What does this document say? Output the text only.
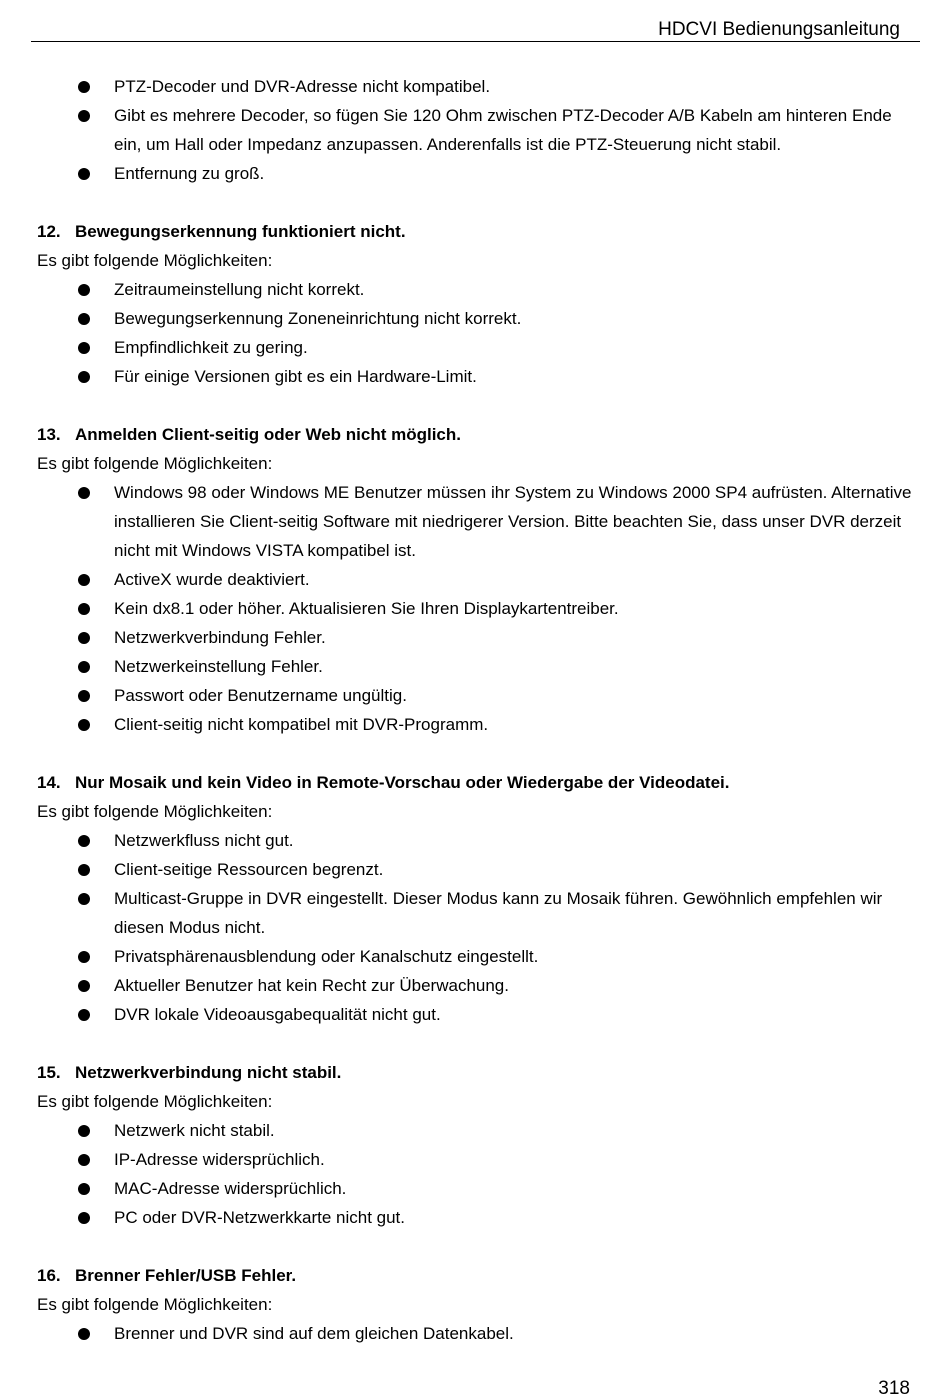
HDCVI Bedienungsanleitung
PTZ-Decoder und DVR-Adresse nicht kompatibel.
Gibt es mehrere Decoder, so fügen Sie 120 Ohm zwischen PTZ-Decoder A/B Kabeln am hinteren Ende ein, um Hall oder Impedanz anzupassen. Anderenfalls ist die PTZ-Steuerung nicht stabil.
Entfernung zu groß.
12. Bewegungserkennung funktioniert nicht.
Es gibt folgende Möglichkeiten:
Zeitraumeinstellung nicht korrekt.
Bewegungserkennung Zoneneinrichtung nicht korrekt.
Empfindlichkeit zu gering.
Für einige Versionen gibt es ein Hardware-Limit.
13. Anmelden Client-seitig oder Web nicht möglich.
Es gibt folgende Möglichkeiten:
Windows 98 oder Windows ME Benutzer müssen ihr System zu Windows 2000 SP4 aufrüsten. Alternative installieren Sie Client-seitig Software mit niedrigerer Version. Bitte beachten Sie, dass unser DVR derzeit nicht mit Windows VISTA kompatibel ist.
ActiveX wurde deaktiviert.
Kein dx8.1 oder höher. Aktualisieren Sie Ihren Displaykartentreiber.
Netzwerkverbindung Fehler.
Netzwerkeinstellung Fehler.
Passwort oder Benutzername ungültig.
Client-seitig nicht kompatibel mit DVR-Programm.
14. Nur Mosaik und kein Video in Remote-Vorschau oder Wiedergabe der Videodatei.
Es gibt folgende Möglichkeiten:
Netzwerkfluss nicht gut.
Client-seitige Ressourcen begrenzt.
Multicast-Gruppe in DVR eingestellt. Dieser Modus kann zu Mosaik führen. Gewöhnlich empfehlen wir diesen Modus nicht.
Privatsphärenausblendung oder Kanalschutz eingestellt.
Aktueller Benutzer hat kein Recht zur Überwachung.
DVR lokale Videoausgabequalität nicht gut.
15. Netzwerkverbindung nicht stabil.
Es gibt folgende Möglichkeiten:
Netzwerk nicht stabil.
IP-Adresse widersprüchlich.
MAC-Adresse widersprüchlich.
PC oder DVR-Netzwerkkarte nicht gut.
16. Brenner Fehler/USB Fehler.
Es gibt folgende Möglichkeiten:
Brenner und DVR sind auf dem gleichen Datenkabel.
318
